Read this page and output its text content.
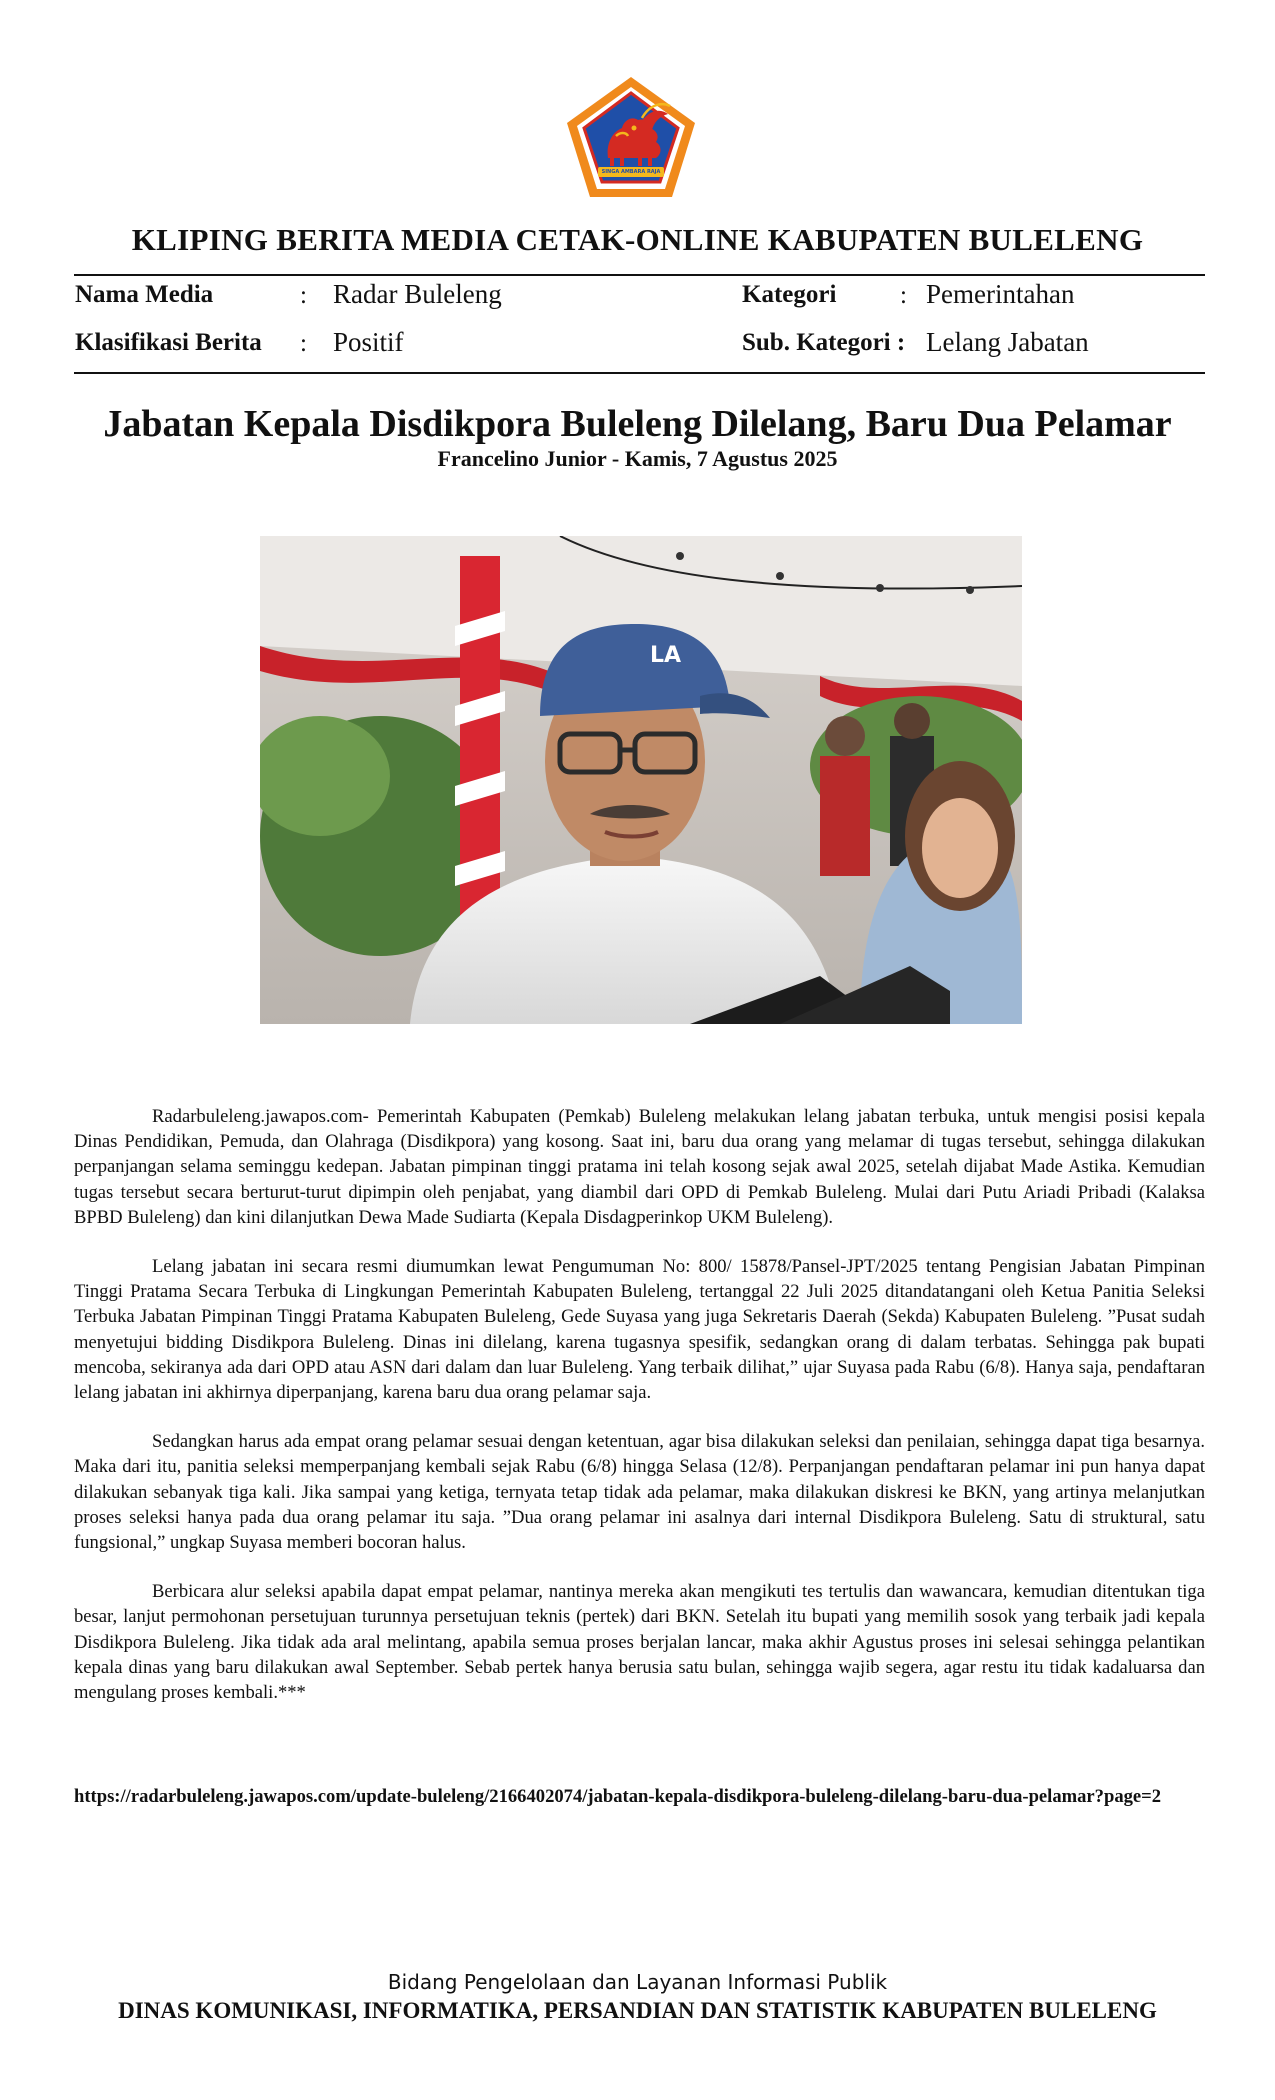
SINGA AMBARA RAJA
KLIPING BERITA MEDIA CETAK-ONLINE KABUPATEN BULELENG
Nama Media	: Radar Buleleng	Kategori	: Pemerintahan
Klasifikasi Berita : Positif	Sub. Kategori : Lelang Jabatan
Jabatan Kepala Disdikpora Buleleng Dilelang, Baru Dua Pelamar
Francelino Junior - Kamis, 7 Agustus 2025
LA

Radarbuleleng.jawapos.com- Pemerintah Kabupaten (Pemkab) Buleleng melakukan lelang jabatan terbuka, untuk mengisi posisi kepala Dinas Pendidikan, Pemuda, dan Olahraga (Disdikpora) yang kosong. Saat ini, baru dua orang yang melamar di tugas tersebut, sehingga dilakukan perpanjangan selama seminggu kedepan. Jabatan pimpinan tinggi pratama ini telah kosong sejak awal 2025, setelah dijabat Made Astika. Kemudian tugas tersebut secara berturut-turut dipimpin oleh penjabat, yang diambil dari OPD di Pemkab Buleleng. Mulai dari Putu Ariadi Pribadi (Kalaksa BPBD Buleleng) dan kini dilanjutkan Dewa Made Sudiarta (Kepala Disdagperinkop UKM Buleleng).

Lelang jabatan ini secara resmi diumumkan lewat Pengumuman No: 800/ 15878/Pansel-JPT/2025 tentang Pengisian Jabatan Pimpinan Tinggi Pratama Secara Terbuka di Lingkungan Pemerintah Kabupaten Buleleng, tertanggal 22 Juli 2025 ditandatangani oleh Ketua Panitia Seleksi Terbuka Jabatan Pimpinan Tinggi Pratama Kabupaten Buleleng, Gede Suyasa yang juga Sekretaris Daerah (Sekda) Kabupaten Buleleng. ”Pusat sudah menyetujui bidding Disdikpora Buleleng. Dinas ini dilelang, karena tugasnya spesifik, sedangkan orang di dalam terbatas. Sehingga pak bupati mencoba, sekiranya ada dari OPD atau ASN dari dalam dan luar Buleleng. Yang terbaik dilihat,” ujar Suyasa pada Rabu (6/8). Hanya saja, pendaftaran lelang jabatan ini akhirnya diperpanjang, karena baru dua orang pelamar saja.

Sedangkan harus ada empat orang pelamar sesuai dengan ketentuan, agar bisa dilakukan seleksi dan penilaian, sehingga dapat tiga besarnya. Maka dari itu, panitia seleksi memperpanjang kembali sejak Rabu (6/8) hingga Selasa (12/8). Perpanjangan pendaftaran pelamar ini pun hanya dapat dilakukan sebanyak tiga kali. Jika sampai yang ketiga, ternyata tetap tidak ada pelamar, maka dilakukan diskresi ke BKN, yang artinya melanjutkan proses seleksi hanya pada dua orang pelamar itu saja. ”Dua orang pelamar ini asalnya dari internal Disdikpora Buleleng. Satu di struktural, satu fungsional,” ungkap Suyasa memberi bocoran halus.

Berbicara alur seleksi apabila dapat empat pelamar, nantinya mereka akan mengikuti tes tertulis dan wawancara, kemudian ditentukan tiga besar, lanjut permohonan persetujuan turunnya persetujuan teknis (pertek) dari BKN. Setelah itu bupati yang memilih sosok yang terbaik jadi kepala Disdikpora Buleleng. Jika tidak ada aral melintang, apabila semua proses berjalan lancar, maka akhir Agustus proses ini selesai sehingga pelantikan kepala dinas yang baru dilakukan awal September. Sebab pertek hanya berusia satu bulan, sehingga wajib segera, agar restu itu tidak kadaluarsa dan mengulang proses kembali.***

https://radarbuleleng.jawapos.com/update-buleleng/2166402074/jabatan-kepala-disdikpora-buleleng-dilelang-baru-dua-pelamar?page=2
Bidang Pengelolaan dan Layanan Informasi Publik
DINAS KOMUNIKASI, INFORMATIKA, PERSANDIAN DAN STATISTIK KABUPATEN BULELENG
